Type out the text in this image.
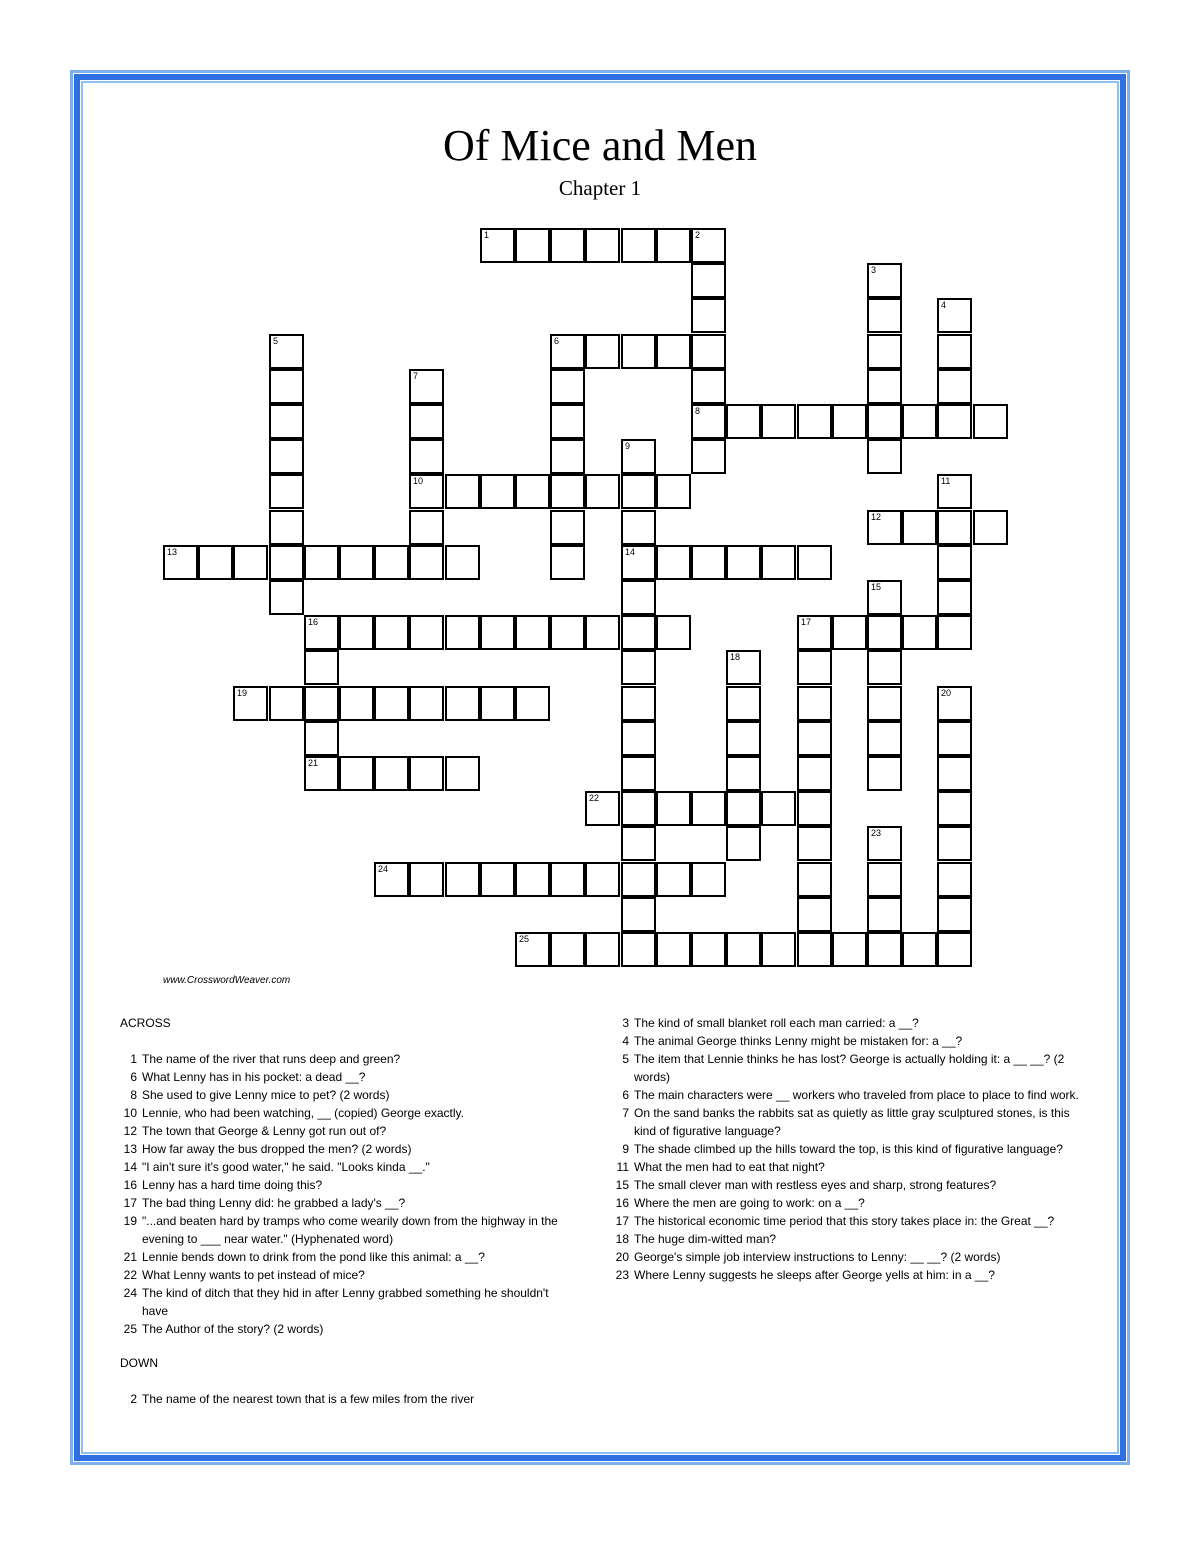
Of Mice and Men
Chapter 1
1	2
8
3
4
5	6
7
10
9
14
11
12
13
15
16
21
17
18
19	20
22
23
24
25
www.CrosswordWeaver.com
ACROSS
1 The name of the river that runs deep and green?
6 What Lenny has in his pocket: a dead __?
8 She used to give Lenny mice to pet? (2 words)
10 Lennie, who had been watching, __ (copied) George exactly.
12 The town that George & Lenny got run out of?
13 How far away the bus dropped the men? (2 words)
14 "I ain't sure it's good water," he said. "Looks kinda __."
16 Lenny has a hard time doing this?
17 The bad thing Lenny did: he grabbed a lady's __?
19 "...and beaten hard by tramps who come wearily down from the highway in the evening to ___ near water." (Hyphenated word)
21 Lennie bends down to drink from the pond like this animal: a __?
22 What Lenny wants to pet instead of mice?
24 The kind of ditch that they hid in after Lenny grabbed something he shouldn't have
25 The Author of the story? (2 words)
DOWN
2 The name of the nearest town that is a few miles from the river
3 The kind of small blanket roll each man carried: a __?
4 The animal George thinks Lenny might be mistaken for: a __?
5 The item that Lennie thinks he has lost? George is actually holding it: a __ __? (2 words)
6 The main characters were __ workers who traveled from place to place to find work.
7 On the sand banks the rabbits sat as quietly as little gray sculptured stones, is this kind of figurative language?
9 The shade climbed up the hills toward the top, is this kind of figurative language?
11 What the men had to eat that night?
15 The small clever man with restless eyes and sharp, strong features?
16 Where the men are going to work: on a __?
17 The historical economic time period that this story takes place in: the Great __?
18 The huge dim-witted man?
20 George's simple job interview instructions to Lenny: __ __? (2 words)
23 Where Lenny suggests he sleeps after George yells at him: in a __?
